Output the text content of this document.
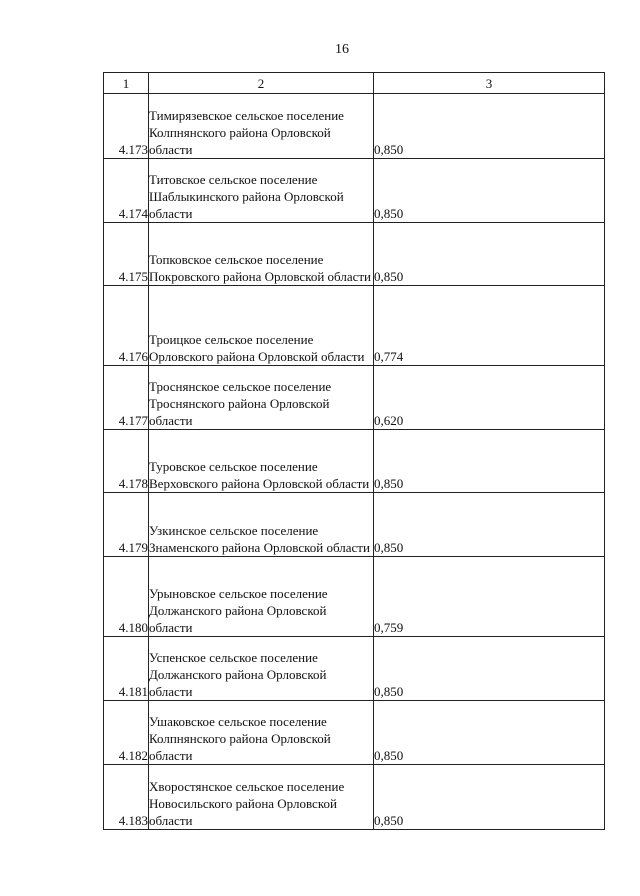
16
1	2	3
4.173	Тимирязевское сельское поселение Колпнянского района Орловской области	0,850
4.174	Титовское сельское поселение Шаблыкинского района Орловской области	0,850
4.175	Топковское сельское поселение Покровского района Орловской области	0,850
4.176	Троицкое сельское поселение Орловского района Орловской области	0,774
4.177	Троснянское сельское поселение Троснянского района Орловской области	0,620
4.178	Туровское сельское поселение Верховского района Орловской области	0,850
4.179	Узкинское сельское поселение Знаменского района Орловской области	0,850
4.180	Урыновское сельское поселение Должанского района Орловской области	0,759
4.181	Успенское сельское поселение Должанского района Орловской области	0,850
4.182	Ушаковское сельское поселение Колпнянского района Орловской области	0,850
4.183	Хворостянское сельское поселение Новосильского района Орловской области	0,850
